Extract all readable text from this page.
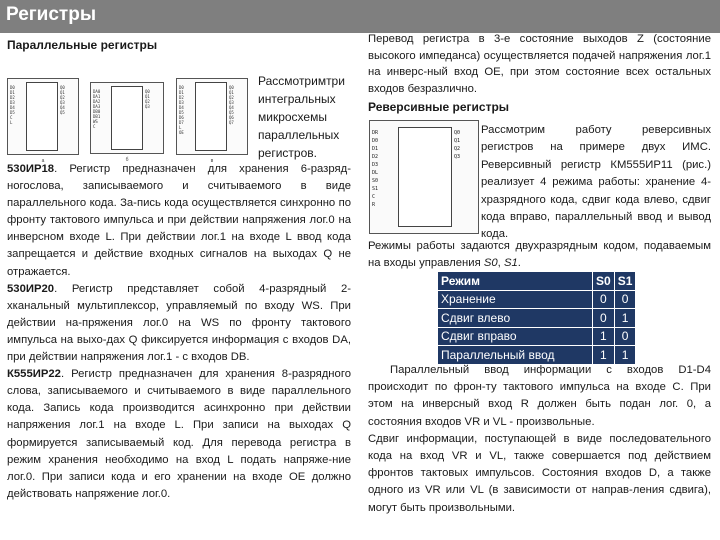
Регистры
Параллельные регистры
D0
D1
D2
D3
D4
D5
C
L
Q0
Q1
Q2
Q3
Q4
Q5
а
DA0
DA1
DA2
DA3
DB0
DB1
WS
C
Q0
Q1
Q2
Q3
б
D0
D1
D2
D3
D4
D5
D6
D7
L
OE
Q0
Q1
Q2
Q3
Q4
Q5
Q6
Q7
в
Рассмотримтри интегральных микросхемы параллельных регистров.

530ИР18. Регистр предназначен для хранения 6-разряд-ногослова, записываемого и считываемого в виде параллельного кода. За-пись кода осуществляется синхронно по фронту тактового импульса и при действии напряжения лог.0 на инверсном входе L. При действии лог.1 на входе L ввод кода запрещается и действие входных сигналов на выходах Q не отражается.

530ИР20. Регистр представляет собой 4-разрядный 2-хканальный мультиплексор, управляемый по входу WS. При действии на-пряжения лог.0 на WS по фронту тактового импульса на выхо-дах Q фиксируется информация с входов DA, при действии напряжения лог.1 - с входов DB.

К555ИР22. Регистр предназначен для хранения 8-разрядного слова, записываемого и считываемого в виде параллельного кода. Запись кода производится асинхронно при действии напряжения лог.1 на входе L. При записи на выходах Q формируется записываемый код. Для перевода регистра в режим хранения необходимо на вход L подать напряже-ние лог.0. При записи кода и его хранении на входе OE должно действовать напряжение лог.0.

Перевод регистра в 3-е состояние выходов Z (состояние высокого импеданса) осуществляется подачей напряжения лог.1 на инверс-ный вход OE, при этом состояние всех остальных входов безразлично.

Реверсивные регистры

DR
D0
D1
D2
D3
DL
S0
S1
C
R
Q0
Q1
Q2
Q3
Рассмотрим работу реверсивных регистров на примере двух ИМС. Реверсивный регистр КМ555ИР11 (рис.) реализует 4 режима работы: хранение 4-хразрядного кода, сдвиг кода влево, сдвиг кода вправо, параллельный ввод и вывод кода.
Режимы работы задаются двухразрядным кодом, подаваемым на входы управления S0, S1.
Режим	S0	S1
Хранение	0	0
Сдвиг влево	0	1
Сдвиг вправо	1	0
Параллельный ввод	1	1

Параллельный ввод информации с входов D1-D4 происходит по фрон-ту тактового импульса на входе C. При этом на инверсный вход R должен быть подан лог. 0, а состояния входов VR и VL - произвольные.

Сдвиг информации, поступающей в виде последовательного кода на вход VR и VL, также совершается под действием фронтов тактовых импульсов. Состояния входов D, а также одного из VR или VL (в зависимости от направ-ления сдвига), могут быть произвольными.
